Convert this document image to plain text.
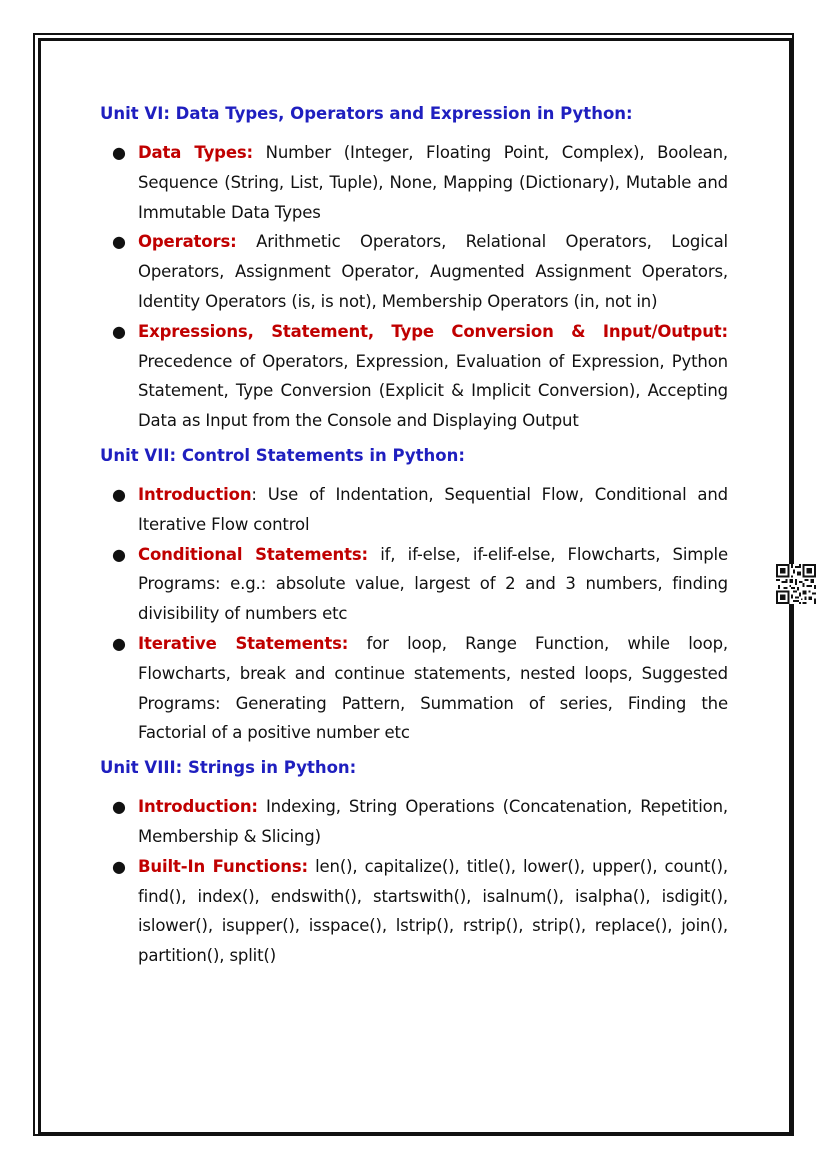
Unit VI: Data Types, Operators and Expression in Python:
● Data Types: Number (Integer, Floating Point, Complex), Boolean, Sequence (String, List, Tuple), None, Mapping (Dictionary), Mutable and Immutable Data Types
● Operators: Arithmetic Operators, Relational Operators, Logical Operators, Assignment Operator, Augmented Assignment Operators, Identity Operators (is, is not), Membership Operators (in, not in)
● Expressions, Statement, Type Conversion & Input/Output: Precedence of Operators, Expression, Evaluation of Expression, Python Statement, Type Conversion (Explicit & Implicit Conversion), Accepting Data as Input from the Console and Displaying Output
Unit VII: Control Statements in Python:
● Introduction: Use of Indentation, Sequential Flow, Conditional and Iterative Flow control
● Conditional Statements: if, if-else, if-elif-else, Flowcharts, Simple Programs: e.g.: absolute value, largest of 2 and 3 numbers, finding divisibility of numbers etc
● Iterative Statements: for loop, Range Function, while loop, Flowcharts, break and continue statements, nested loops, Suggested Programs: Generating Pattern, Summation of series, Finding the Factorial of a positive number etc
Unit VIII: Strings in Python:
● Introduction: Indexing, String Operations (Concatenation, Repetition, Membership & Slicing)
● Built-In Functions: len(), capitalize(), title(), lower(), upper(), count(), find(), index(), endswith(), startswith(), isalnum(), isalpha(), isdigit(), islower(), isupper(), isspace(), lstrip(), rstrip(), strip(), replace(), join(), partition(), split()
